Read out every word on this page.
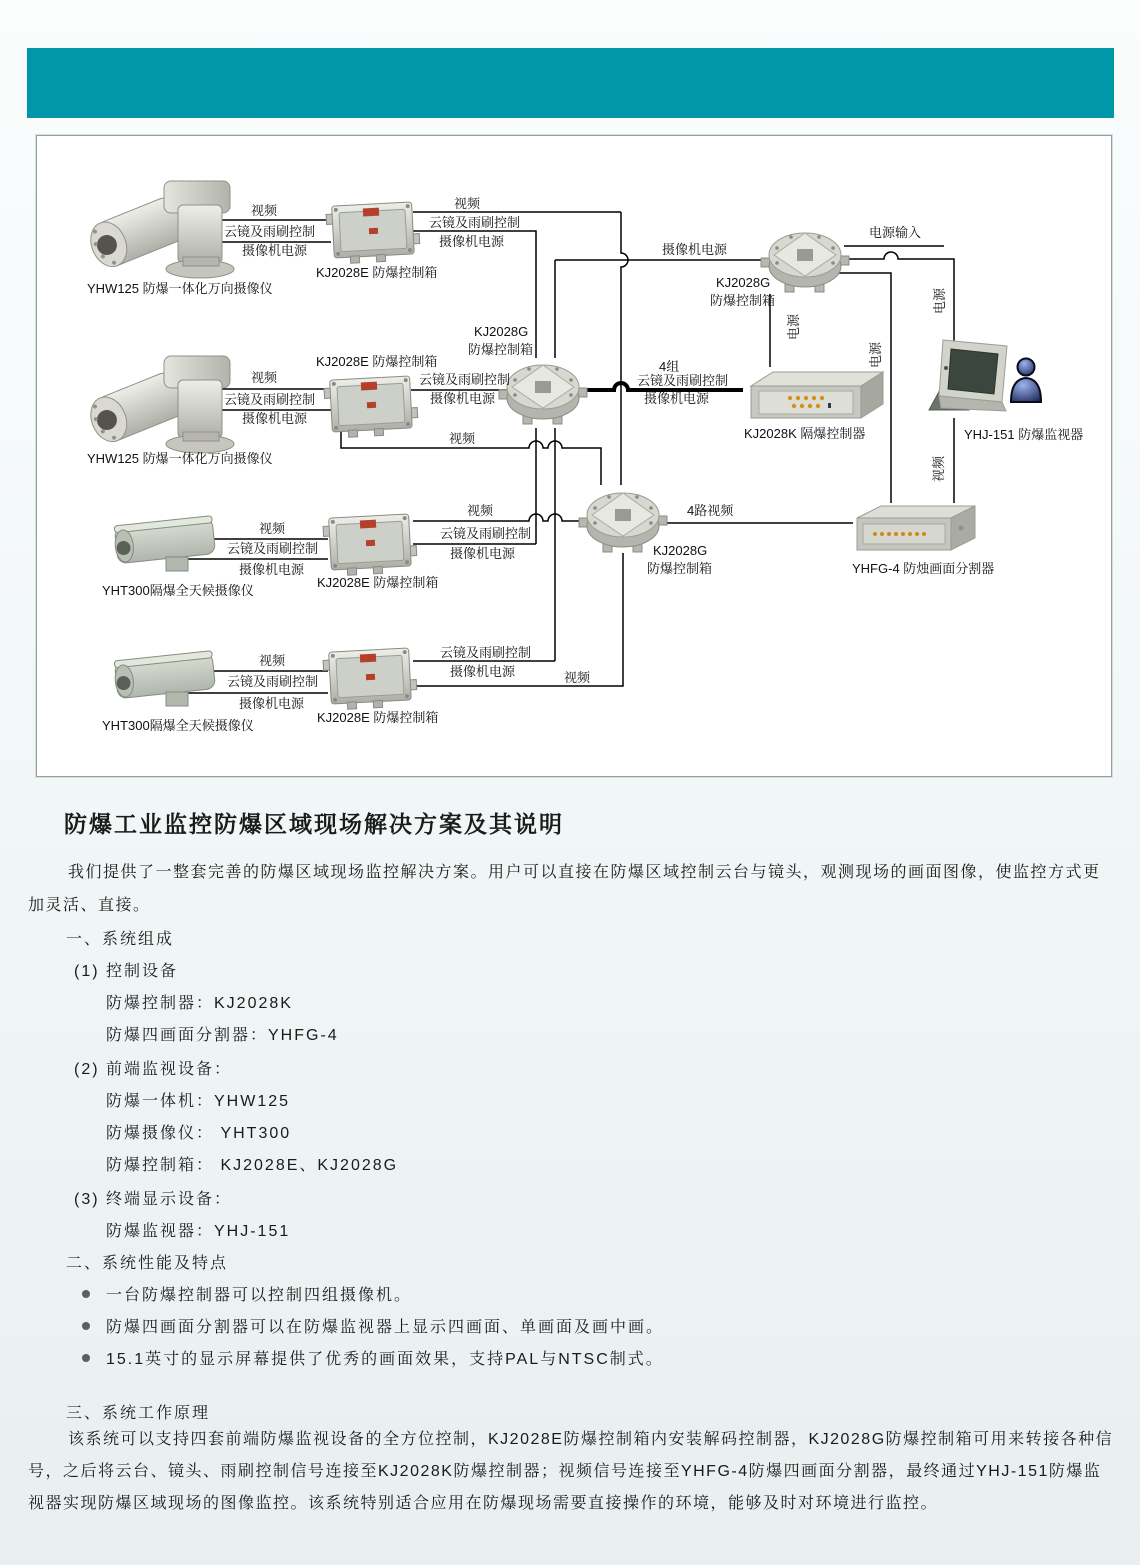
视频
云镜及雨刷控制
摄像机电源
视频
云镜及雨刷控制
摄像机电源
摄像机电源
电源输入
视频
云镜及雨刷控制
摄像机电源
云镜及雨刷控制
摄像机电源
4组
云镜及雨刷控制
摄像机电源
视频
视频
云镜及雨刷控制
摄像机电源
视频
云镜及雨刷控制
摄像机电源
视频
云镜及雨刷控制
摄像机电源
云镜及雨刷控制
摄像机电源	视频
4路视频
电源
电源
电源
视频
YHW125 防爆一体化万向摄像仪
YHW125 防爆一体化万向摄像仪
YHT300隔爆全天候摄像仪
YHT300隔爆全天候摄像仪
KJ2028E 防爆控制箱
KJ2028E 防爆控制箱
KJ2028E 防爆控制箱
KJ2028E 防爆控制箱
KJ2028G
防爆控制箱
KJ2028G
防爆控制箱
KJ2028G
防爆控制箱
KJ2028K 隔爆控制器	YHJ-151 防爆监视器
YHFG-4 防烛画面分割器
防爆工业监控防爆区域现场解决方案及其说明
我们提供了一整套完善的防爆区域现场监控解决方案。用户可以直接在防爆区域控制云台与镜头，观测现场的画面图像，使监控方式更加灵活、直接。
一、系统组成
(1) 控制设备
防爆控制器：KJ2028K
防爆四画面分割器：YHFG-4
(2) 前端监视设备：
防爆一体机：YHW125
防爆摄像仪： YHT300
防爆控制箱： KJ2028E、KJ2028G
(3) 终端显示设备：
防爆监视器：YHJ-151
二、系统性能及特点
一台防爆控制器可以控制四组摄像机。
防爆四画面分割器可以在防爆监视器上显示四画面、单画面及画中画。
15.1英寸的显示屏幕提供了优秀的画面效果，支持PAL与NTSC制式。
三、系统工作原理
该系统可以支持四套前端防爆监视设备的全方位控制，KJ2028E防爆控制箱内安装解码控制器，KJ2028G防爆控制箱可用来转接各种信号，之后将云台、镜头、雨刷控制信号连接至KJ2028K防爆控制器；视频信号连接至YHFG-4防爆四画面分割器，最终通过YHJ-151防爆监视器实现防爆区域现场的图像监控。该系统特别适合应用在防爆现场需要直接操作的环境，能够及时对环境进行监控。
